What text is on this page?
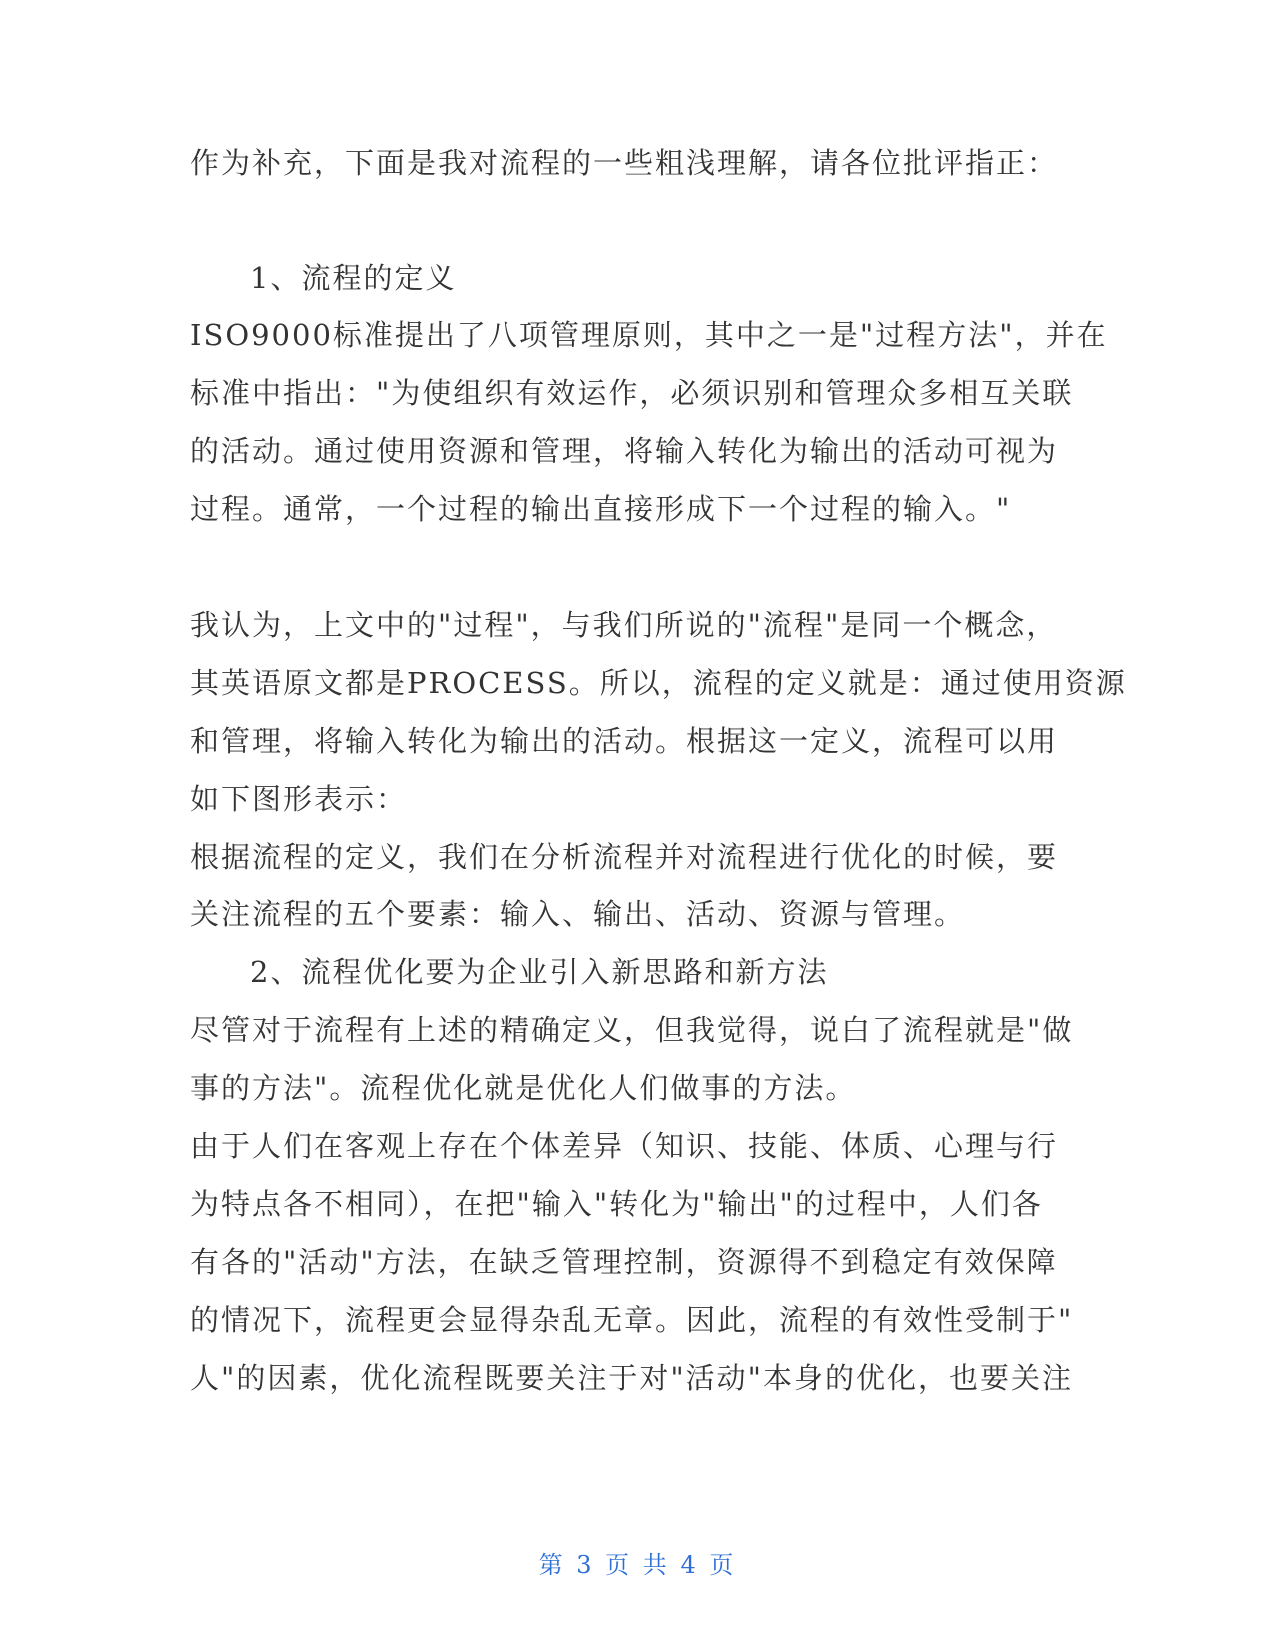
作为补充，下面是我对流程的一些粗浅理解，请各位批评指正：
1、流程的定义
ISO9000标准提出了八项管理原则，其中之一是"过程方法"，并在
标准中指出："为使组织有效运作，必须识别和管理众多相互关联
的活动。通过使用资源和管理，将输入转化为输出的活动可视为
过程。通常，一个过程的输出直接形成下一个过程的输入。"
我认为，上文中的"过程"，与我们所说的"流程"是同一个概念，
其英语原文都是PROCESS。所以，流程的定义就是：通过使用资源
和管理，将输入转化为输出的活动。根据这一定义，流程可以用
如下图形表示：
根据流程的定义，我们在分析流程并对流程进行优化的时候，要
关注流程的五个要素：输入、输出、活动、资源与管理。
2、流程优化要为企业引入新思路和新方法
尽管对于流程有上述的精确定义，但我觉得，说白了流程就是"做
事的方法"。流程优化就是优化人们做事的方法。
由于人们在客观上存在个体差异（知识、技能、体质、心理与行
为特点各不相同），在把"输入"转化为"输出"的过程中，人们各
有各的"活动"方法，在缺乏管理控制，资源得不到稳定有效保障
的情况下，流程更会显得杂乱无章。因此，流程的有效性受制于"
人"的因素，优化流程既要关注于对"活动"本身的优化，也要关注
第 3 页 共 4 页
